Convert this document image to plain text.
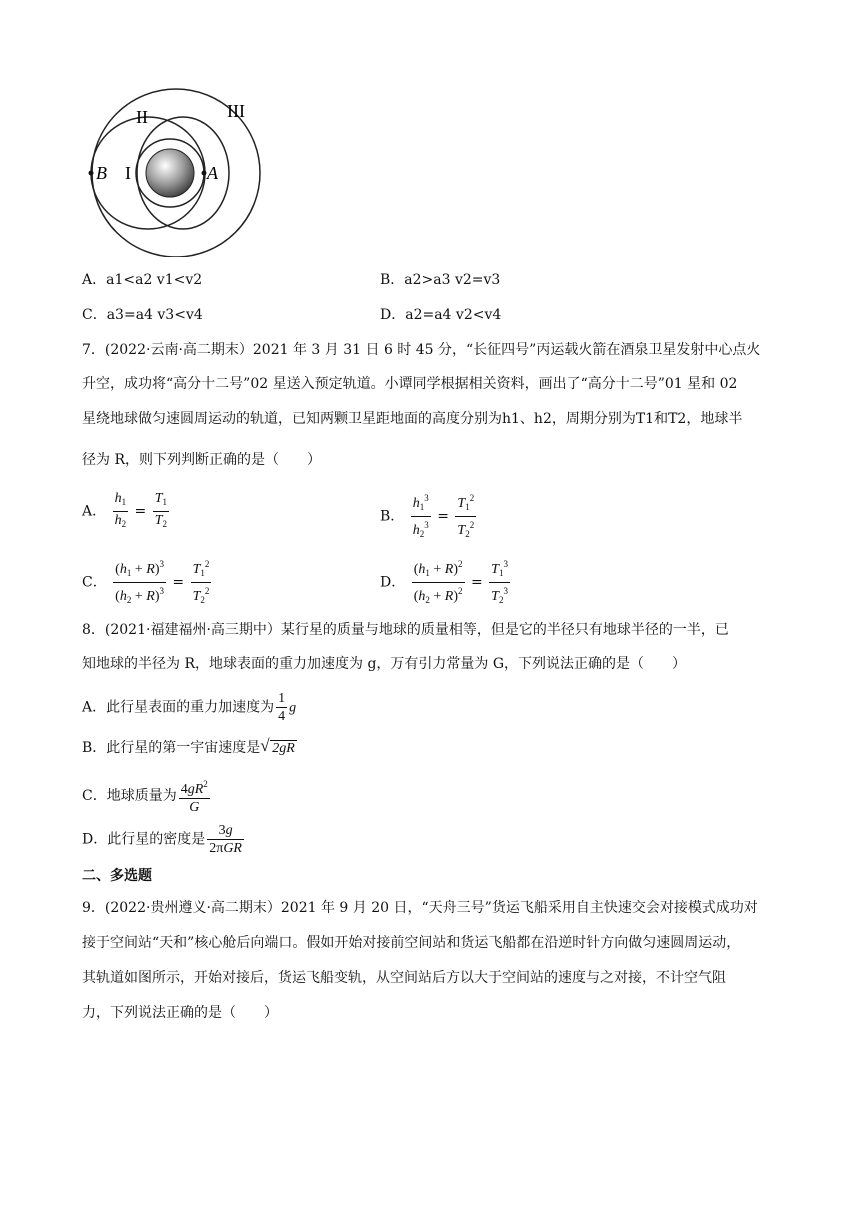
II	III
I
B	A
A．a1<a2 v1<v2	B．a2>a3 v2=v3
C．a3=a4 v3<v4	D．a2=a4 v2<v4
7．(2022·云南·高二期末）2021 年 3 月 31 日 6 时 45 分，“长征四号”丙运载火箭在酒泉卫星发射中心点火
升空，成功将“高分十二号”02 星送入预定轨道。小谭同学根据相关资料，画出了“高分十二号”01 星和 02
星绕地球做匀速圆周运动的轨道，已知两颗卫星距地面的高度分别为h1、h2，周期分别为T1和T2，地球半
径为 R，则下列判断正确的是（　　）
A． $\frac{h_1}{h_2} = \frac{T_1}{T_2}$	B． $\frac{h_1^3}{h_2^3} = \frac{T_1^2}{T_2^2}$
C． $\frac{(h_1 + R)^3}{(h_2 + R)^3} = \frac{T_1^2}{T_2^2}$	D． $\frac{(h_1 + R)^2}{(h_2 + R)^2} = \frac{T_1^3}{T_2^3}$
8．(2021·福建福州·高三期中）某行星的质量与地球的质量相等，但是它的半径只有地球半径的一半，已
知地球的半径为 R，地球表面的重力加速度为 g，万有引力常量为 G，下列说法正确的是（　　）
A．此行星表面的重力加速度为 $\frac{1}{4}$ g
B．此行星的第一宇宙速度是 √ 2gR
C．地球质量为 $\frac{4gR^2}{G}$
D．此行星的密度是 $\frac{3g}{\text{2πGR}}$
二、多选题
9．(2022·贵州遵义·高二期末）2021 年 9 月 20 日，“天舟三号”货运飞船采用自主快速交会对接模式成功对
接于空间站“天和”核心舱后向端口。假如开始对接前空间站和货运飞船都在沿逆时针方向做匀速圆周运动，
其轨道如图所示，开始对接后，货运飞船变轨，从空间站后方以大于空间站的速度与之对接，不计空气阻
力，下列说法正确的是（　　）
